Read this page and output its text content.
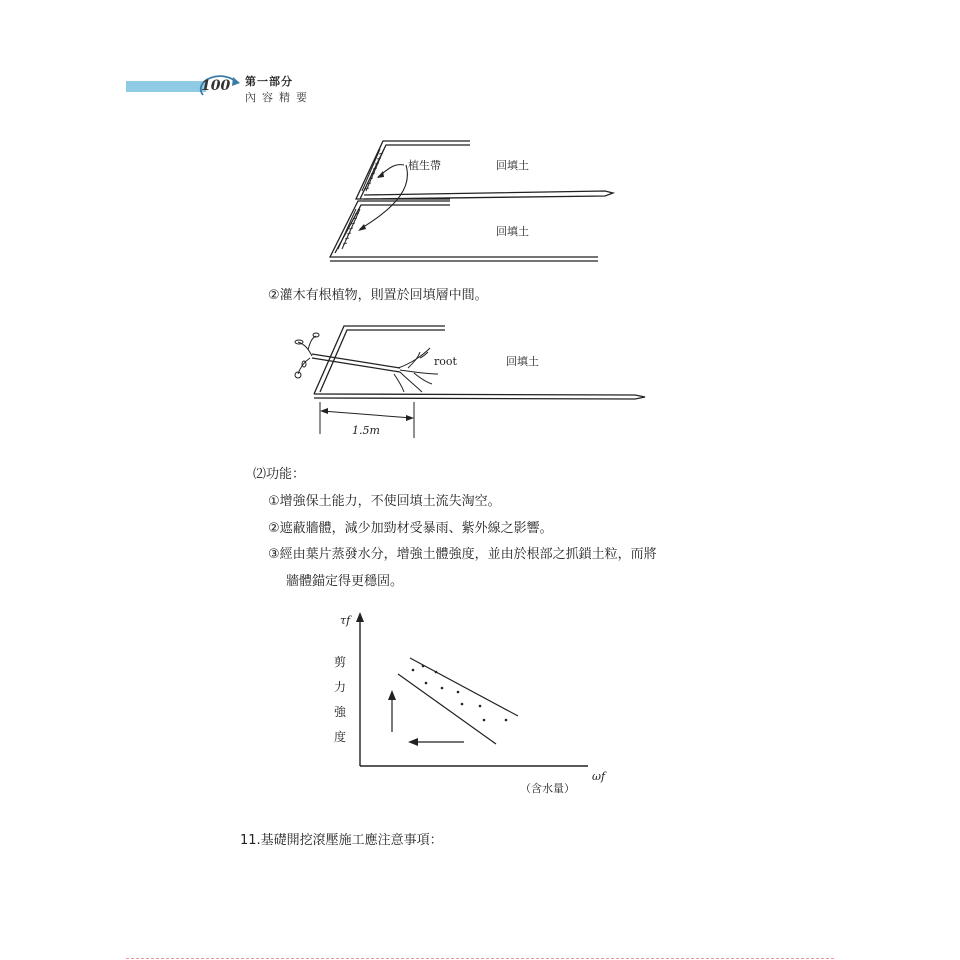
100 第一部分
內容精要
植生帶	回填土
回填土
②灌木有根植物，則置於回填層中間。
root	回填土
1.5m
⑵功能：
①增強保土能力，不使回填土流失淘空。
②遮蔽牆體，減少加勁材受暴雨、紫外線之影響。
③經由葉片蒸發水分，增強土體強度，並由於根部之抓鎖土粒，而將
牆體錨定得更穩固。
τf
剪
力
強
度
ωf
（含水量）
11.基礎開挖滾壓施工應注意事項：
